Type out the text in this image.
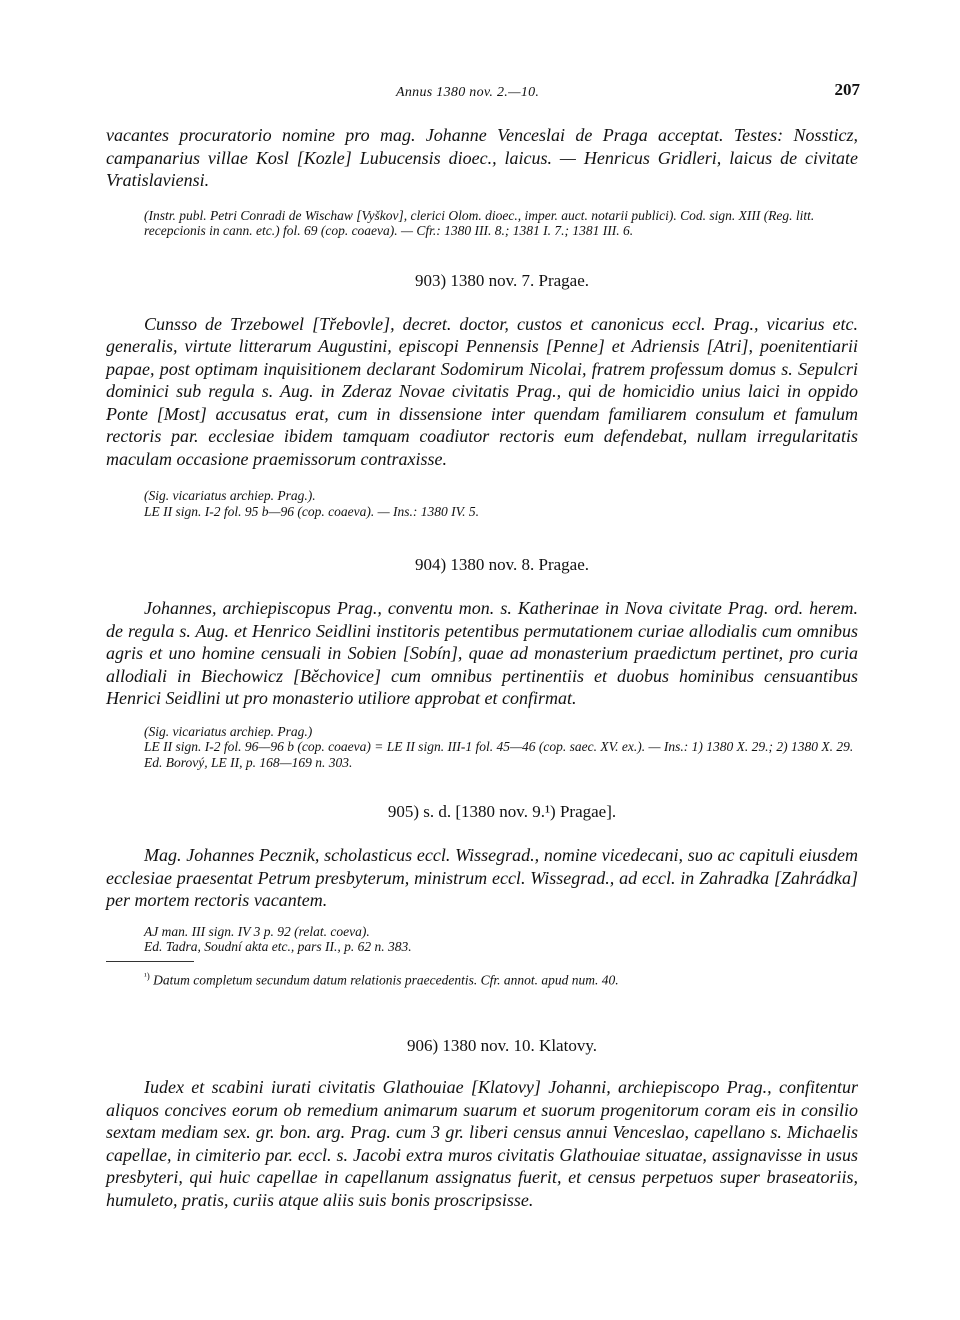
Annus 1380 nov. 2.—10.	207

vacantes procuratorio nomine pro mag. Johanne Venceslai de Praga acceptat. Testes: Nossticz, campanarius villae Kosl [Kozle] Lubucensis dioec., laicus. — Henricus Gridleri, laicus de civitate Vratislaviensi.

(Instr. publ. Petri Conradi de Wischaw [Vyškov], clerici Olom. dioec., imper. auct. notarii publici). Cod. sign. XIII (Reg. litt. recepcionis in cann. etc.) fol. 69 (cop. coaeva). — Cfr.: 1380 III. 8.; 1381 I. 7.; 1381 III. 6.

903) 1380 nov. 7. Pragae.

Cunsso de Trzebowel [Třebovle], decret. doctor, custos et canonicus eccl. Prag., vicarius etc. generalis, virtute litterarum Augustini, episcopi Pennensis [Penne] et Adriensis [Atri], poenitentiarii papae, post optimam inquisitionem declarant Sodomirum Nicolai, fratrem professum domus s. Sepulcri dominici sub regula s. Aug. in Zderaz Novae civitatis Prag., qui de homicidio unius laici in oppido Ponte [Most] accusatus erat, cum in dissensione inter quendam familiarem consulum et famulum rectoris par. ecclesiae ibidem tamquam coadiutor rectoris eum defendebat, nullam irregularitatis maculam occasione praemissorum contraxisse.

(Sig. vicariatus archiep. Prag.).

LE II sign. I-2 fol. 95 b—96 (cop. coaeva). — Ins.: 1380 IV. 5.

904) 1380 nov. 8. Pragae.

Johannes, archiepiscopus Prag., conventu mon. s. Katherinae in Nova civitate Prag. ord. herem. de regula s. Aug. et Henrico Seidlini institoris petentibus permutationem curiae allodialis cum omnibus agris et uno homine censuali in Sobien [Sobín], quae ad monasterium praedictum pertinet, pro curia allodiali in Biechowicz [Běchovice] cum omnibus pertinentiis et duobus hominibus censuantibus Henrici Seidlini ut pro monasterio utiliore approbat et confirmat.

(Sig. vicariatus archiep. Prag.)

LE II sign. I-2 fol. 96—96 b (cop. coaeva) = LE II sign. III-1 fol. 45—46 (cop. saec. XV. ex.). — Ins.: 1) 1380 X. 29.; 2) 1380 X. 29.

Ed. Borový, LE II, p. 168—169 n. 303.

905) s. d. [1380 nov. 9.¹) Pragae].

Mag. Johannes Pecznik, scholasticus eccl. Wissegrad., nomine vicedecani, suo ac capituli eiusdem ecclesiae praesentat Petrum presbyterum, ministrum eccl. Wissegrad., ad eccl. in Zahradka [Zahrádka] per mortem rectoris vacantem.

AJ man. III sign. IV 3 p. 92 (relat. coeva).

Ed. Tadra, Soudní akta etc., pars II., p. 62 n. 383.

$^{^1)}$ Datum completum secundum datum relationis praecedentis. Cfr. annot. apud num. 40.

906) 1380 nov. 10. Klatovy.

Iudex et scabini iurati civitatis Glathouiae [Klatovy] Johanni, archiepiscopo Prag., confitentur aliquos concives eorum ob remedium animarum suarum et suorum progenitorum coram eis in consilio sextam mediam sex. gr. bon. arg. Prag. cum 3 gr. liberi census annui Venceslao, capellano s. Michaelis capellae, in cimiterio par. eccl. s. Jacobi extra muros civitatis Glathouiae situatae, assignavisse in usus presbyteri, qui huic capellae in capellanum assignatus fuerit, et census perpetuos super braseatoriis, humuleto, pratis, curiis atque aliis suis bonis proscripsisse.
